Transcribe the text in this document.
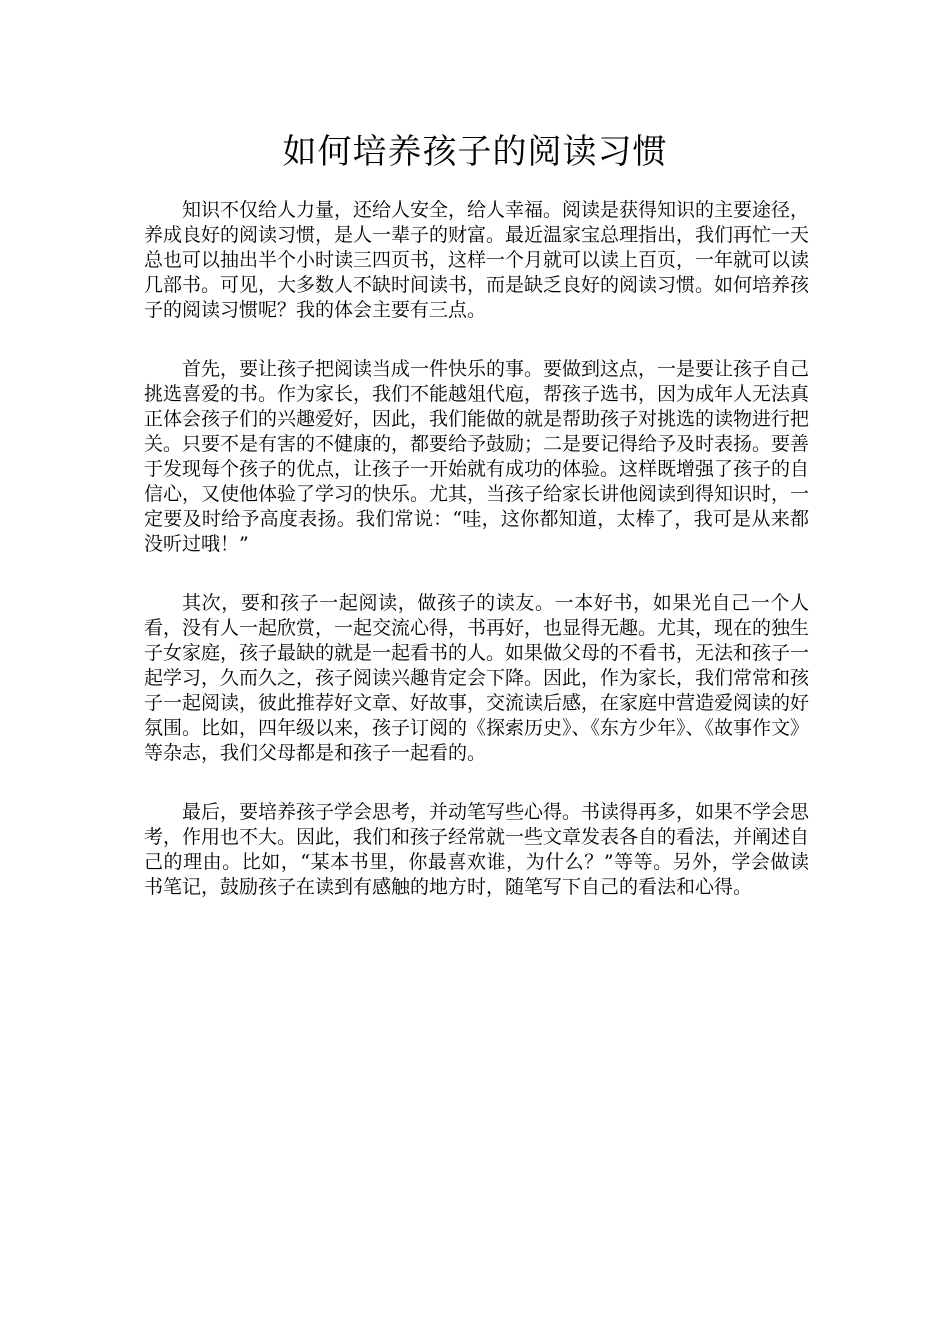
如何培养孩子的阅读习惯

知识不仅给人力量，还给人安全，给人幸福。阅读是获得知识的主要途径，养成良好的阅读习惯，是人一辈子的财富。最近温家宝总理指出，我们再忙一天总也可以抽出半个小时读三四页书，这样一个月就可以读上百页，一年就可以读几部书。可见，大多数人不缺时间读书，而是缺乏良好的阅读习惯。如何培养孩子的阅读习惯呢？我的体会主要有三点。

首先，要让孩子把阅读当成一件快乐的事。要做到这点，一是要让孩子自己挑选喜爱的书。作为家长，我们不能越俎代庖，帮孩子选书，因为成年人无法真正体会孩子们的兴趣爱好，因此，我们能做的就是帮助孩子对挑选的读物进行把关。只要不是有害的不健康的，都要给予鼓励；二是要记得给予及时表扬。要善于发现每个孩子的优点，让孩子一开始就有成功的体验。这样既增强了孩子的自信心，又使他体验了学习的快乐。尤其，当孩子给家长讲他阅读到得知识时，一定要及时给予高度表扬。我们常说：“哇，这你都知道，太棒了，我可是从来都没听过哦！”

其次，要和孩子一起阅读，做孩子的读友。一本好书，如果光自己一个人看，没有人一起欣赏，一起交流心得，书再好，也显得无趣。尤其，现在的独生子女家庭，孩子最缺的就是一起看书的人。如果做父母的不看书，无法和孩子一起学习，久而久之，孩子阅读兴趣肯定会下降。因此，作为家长，我们常常和孩子一起阅读，彼此推荐好文章、好故事，交流读后感，在家庭中营造爱阅读的好氛围。比如，四年级以来，孩子订阅的《探索历史》、《东方少年》、《故事作文》等杂志，我们父母都是和孩子一起看的。

最后，要培养孩子学会思考，并动笔写些心得。书读得再多，如果不学会思考，作用也不大。因此，我们和孩子经常就一些文章发表各自的看法，并阐述自己的理由。比如，“某本书里，你最喜欢谁，为什么？”等等。另外，学会做读书笔记，鼓励孩子在读到有感触的地方时，随笔写下自己的看法和心得。
